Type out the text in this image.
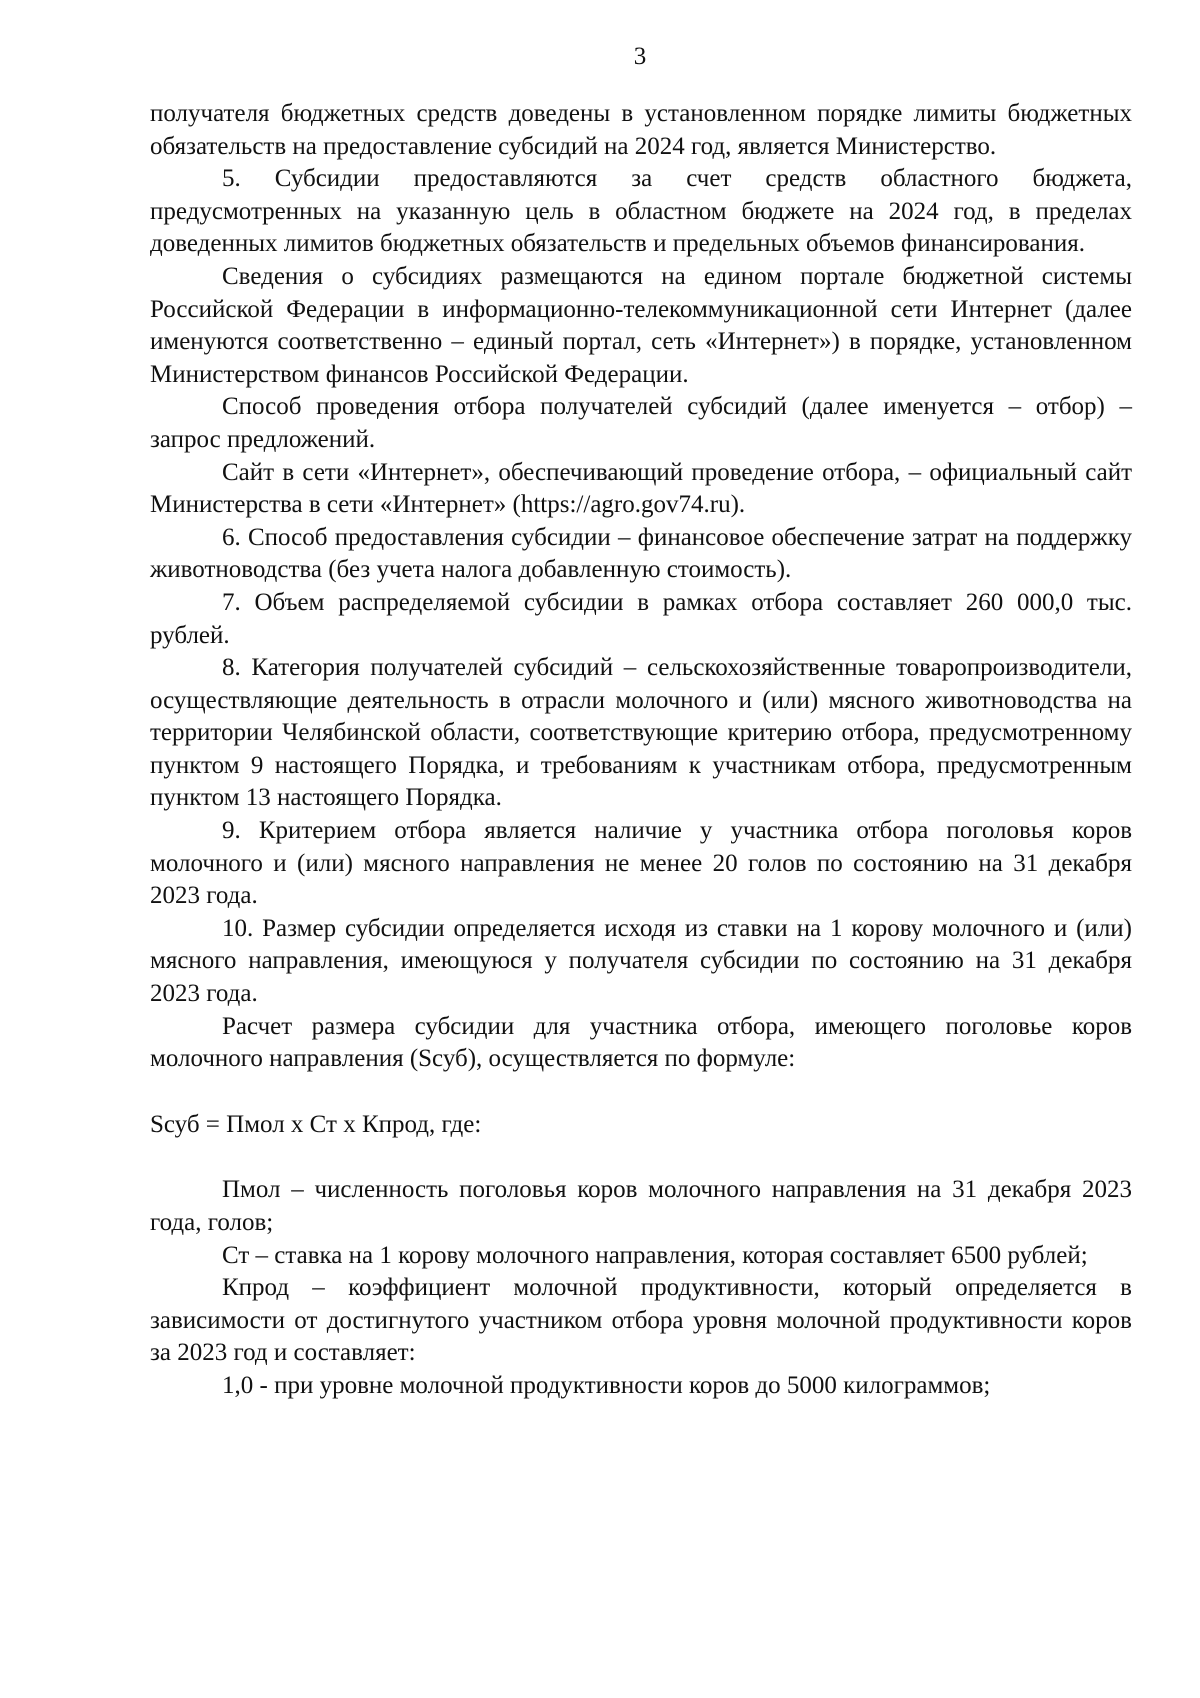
3

получателя бюджетных средств доведены в установленном порядке лимиты бюджетных обязательств на предоставление субсидий на 2024 год, является Министерство.

5. Субсидии предоставляются за счет средств областного бюджета, предусмотренных на указанную цель в областном бюджете на 2024 год, в пределах доведенных лимитов бюджетных обязательств и предельных объемов финансирования.

Сведения о субсидиях размещаются на едином портале бюджетной системы Российской Федерации в информационно-телекоммуникационной сети Интернет (далее именуются соответственно – единый портал, сеть «Интернет») в порядке, установленном Министерством финансов Российской Федерации.

Способ проведения отбора получателей субсидий (далее именуется – отбор) – запрос предложений.

Сайт в сети «Интернет», обеспечивающий проведение отбора, – официальный сайт Министерства в сети «Интернет» (https://agro.gov74.ru).

6. Способ предоставления субсидии – финансовое обеспечение затрат на поддержку животноводства (без учета налога добавленную стоимость).

7. Объем распределяемой субсидии в рамках отбора составляет 260 000,0 тыс. рублей.

8. Категория получателей субсидий – сельскохозяйственные товаропроизводители, осуществляющие деятельность в отрасли молочного и (или) мясного животноводства на территории Челябинской области, соответствующие критерию отбора, предусмотренному пунктом 9 настоящего Порядка, и требованиям к участникам отбора, предусмотренным пунктом 13 настоящего Порядка.

9. Критерием отбора является наличие у участника отбора поголовья коров молочного и (или) мясного направления не менее 20 голов по состоянию на 31 декабря 2023 года.

10. Размер субсидии определяется исходя из ставки на 1 корову молочного и (или) мясного направления, имеющуюся у получателя субсидии по состоянию на 31 декабря 2023 года.

Расчет размера субсидии для участника отбора, имеющего поголовье коров молочного направления (Sсуб), осуществляется по формуле:

Sсуб = Пмол х Ст х Кпрод, где:

Пмол – численность поголовья коров молочного направления на 31 декабря 2023 года, голов;

Ст – ставка на 1 корову молочного направления, которая составляет 6500 рублей;

Кпрод – коэффициент молочной продуктивности, который определяется в зависимости от достигнутого участником отбора уровня молочной продуктивности коров за 2023 год и составляет:

1,0 - при уровне молочной продуктивности коров до 5000 килограммов;
